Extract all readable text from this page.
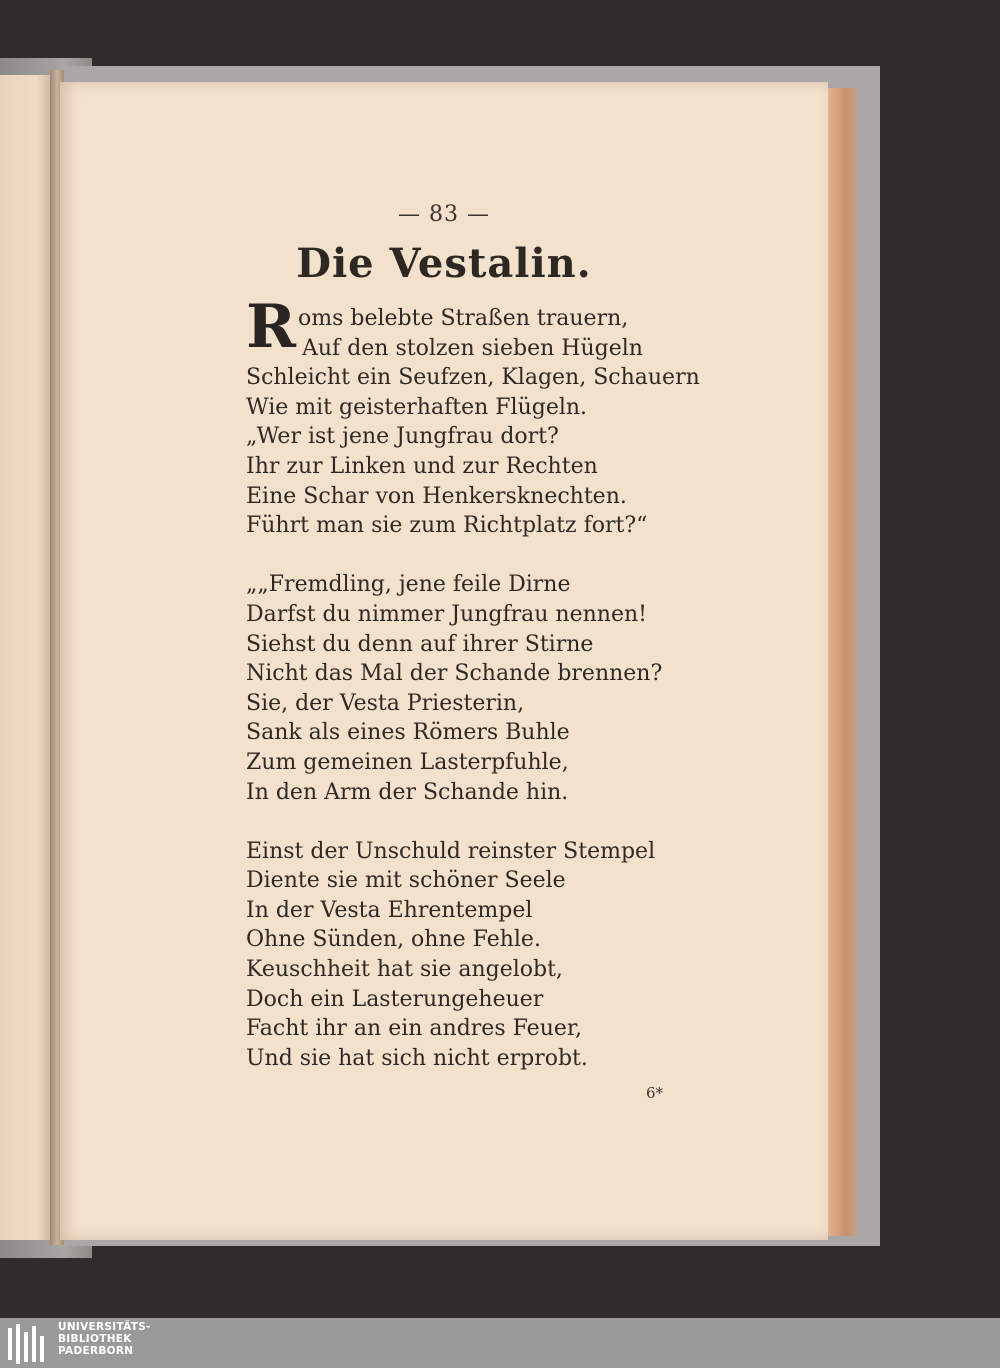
— 83 —
Die Vestalin.
R oms belebte Straßen trauern,
Auf den stolzen sieben Hügeln
Schleicht ein Seufzen, Klagen, Schauern
Wie mit geisterhaften Flügeln.
„Wer ist jene Jungfrau dort?
Ihr zur Linken und zur Rechten
Eine Schar von Henkersknechten.
Führt man sie zum Richtplatz fort?“
„„Fremdling, jene feile Dirne
Darfst du nimmer Jungfrau nennen!
Siehst du denn auf ihrer Stirne
Nicht das Mal der Schande brennen?
Sie, der Vesta Priesterin,
Sank als eines Römers Buhle
Zum gemeinen Lasterpfuhle,
In den Arm der Schande hin.
Einst der Unschuld reinster Stempel
Diente sie mit schöner Seele
In der Vesta Ehrentempel
Ohne Sünden, ohne Fehle.
Keuschheit hat sie angelobt,
Doch ein Lasterungeheuer
Facht ihr an ein andres Feuer,
Und sie hat sich nicht erprobt.
6*
UNIVERSITÄTS-
BIBLIOTHEK
PADERBORN
